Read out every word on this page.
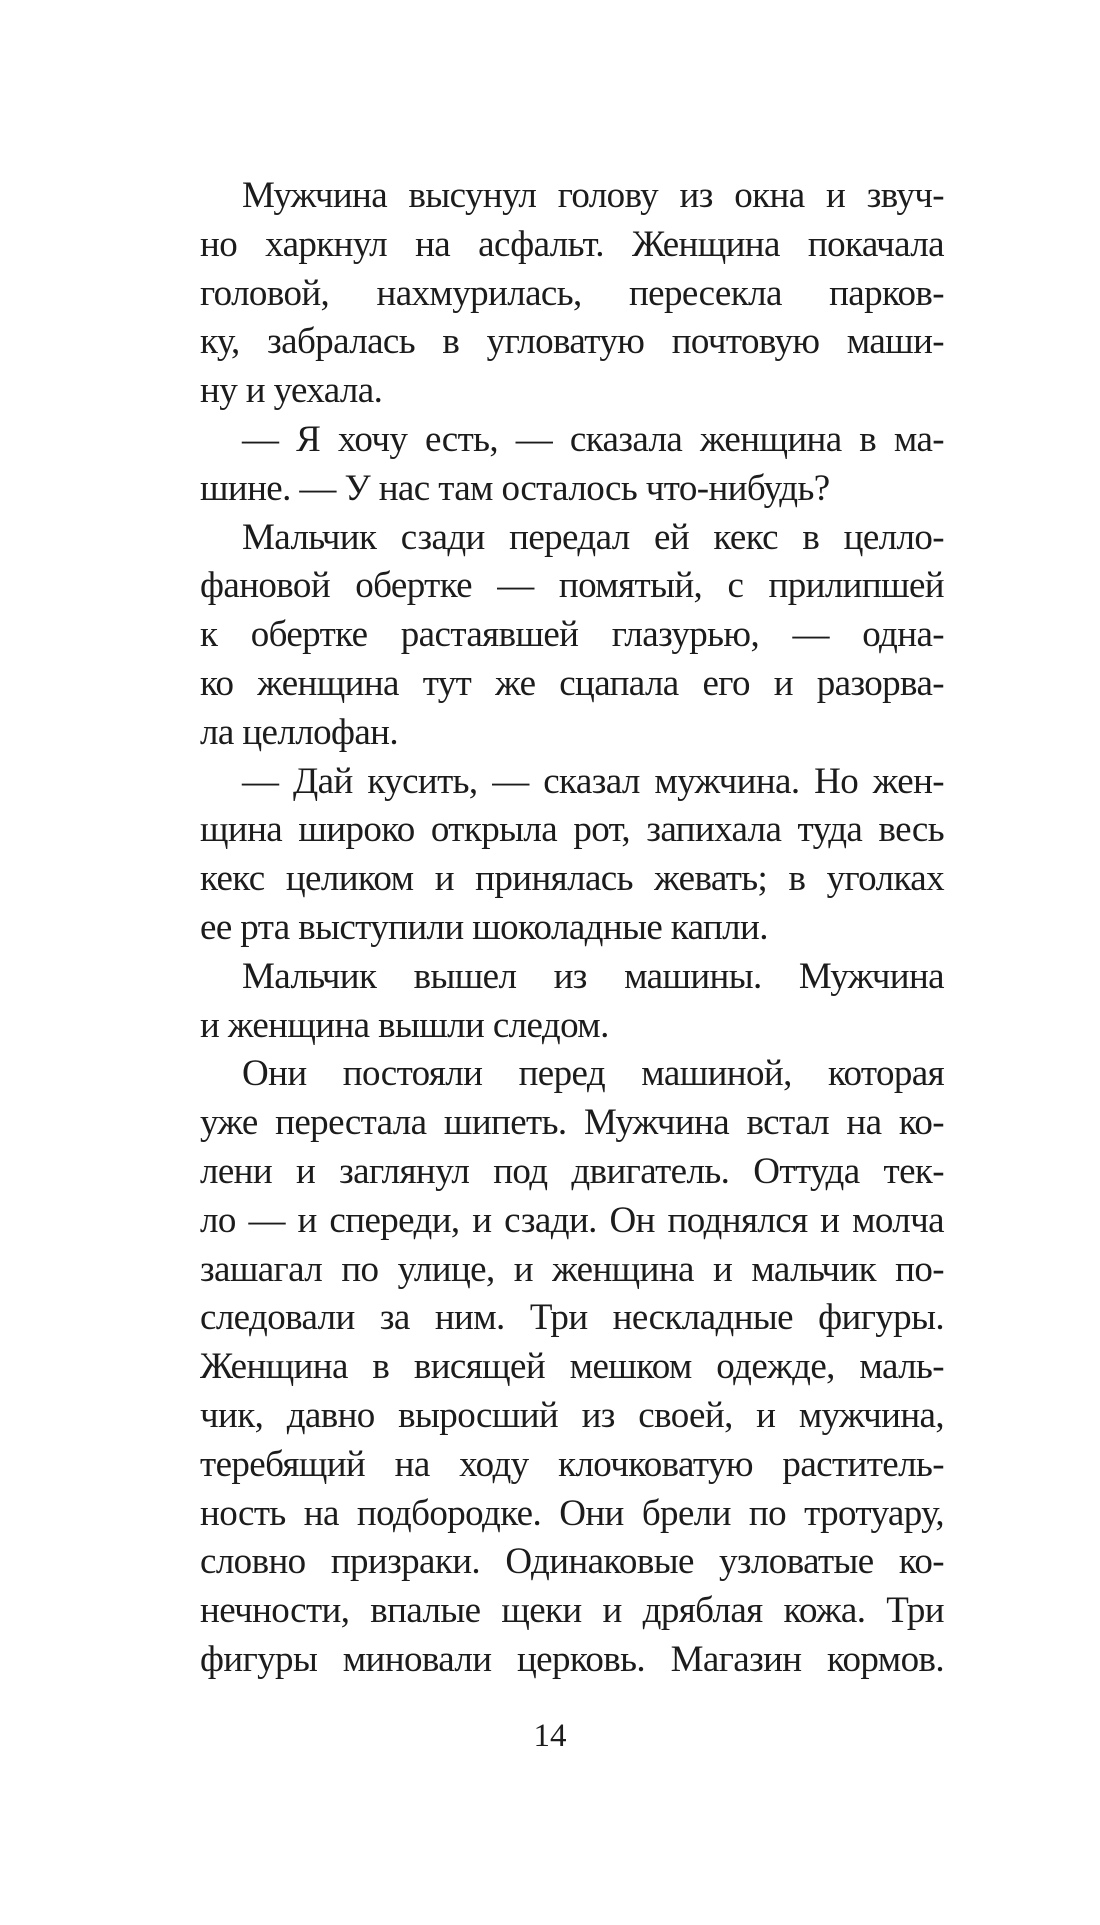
Мужчина высунул голову из окна и звуч-
но харкнул на асфальт. Женщина покачала
головой, нахмурилась, пересекла парков-
ку, забралась в угловатую почтовую маши-
ну и уехала.
— Я хочу есть, — сказала женщина в ма-
шине. — У нас там осталось что-нибудь?
Мальчик сзади передал ей кекс в целло-
фановой обертке — помятый, с прилипшей
к обертке растаявшей глазурью, — одна-
ко женщина тут же сцапала его и разорва-
ла целлофан.
— Дай кусить, — сказал мужчина. Но жен-
щина широко открыла рот, запихала туда весь
кекс целиком и принялась жевать; в уголках
ее рта выступили шоколадные капли.
Мальчик вышел из машины. Мужчина
и женщина вышли следом.
Они постояли перед машиной, которая
уже перестала шипеть. Мужчина встал на ко-
лени и заглянул под двигатель. Оттуда тек-
ло — и спереди, и сзади. Он поднялся и молча
зашагал по улице, и женщина и мальчик по-
следовали за ним. Три нескладные фигуры.
Женщина в висящей мешком одежде, маль-
чик, давно выросший из своей, и мужчина,
теребящий на ходу клочковатую раститель-
ность на подбородке. Они брели по тротуару,
словно призраки. Одинаковые узловатые ко-
нечности, впалые щеки и дряблая кожа. Три
фигуры миновали церковь. Магазин кормов.
14
